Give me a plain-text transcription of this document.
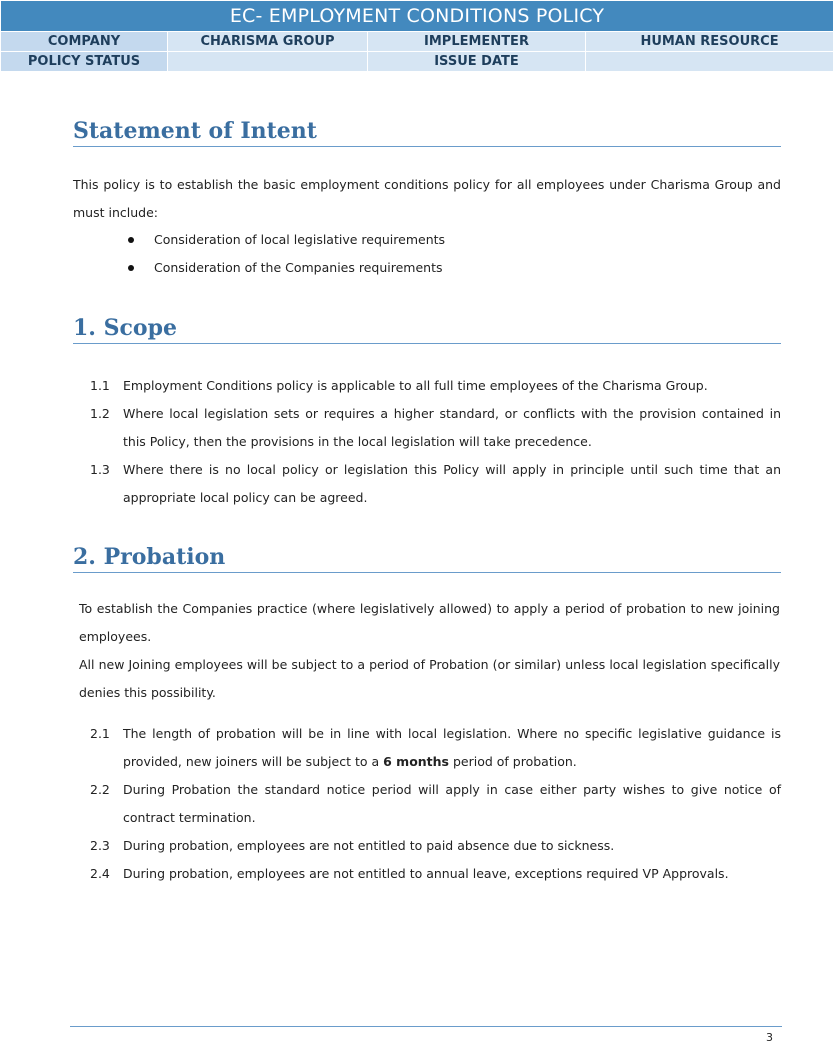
EC- EMPLOYMENT CONDITIONS POLICY			
COMPANY	CHARISMA GROUP	IMPLEMENTER	HUMAN RESOURCE
POLICY STATUS		ISSUE DATE	
Statement of Intent
This policy is to establish the basic employment conditions policy for all employees under Charisma Group and must include:
Consideration of local legislative requirements
Consideration of the Companies requirements
1. Scope
1.1 Employment Conditions policy is applicable to all full time employees of the Charisma Group.
1.2 Where local legislation sets or requires a higher standard, or conflicts with the provision contained in this Policy, then the provisions in the local legislation will take precedence.
1.3 Where there is no local policy or legislation this Policy will apply in principle until such time that an appropriate local policy can be agreed.
2. Probation
To establish the Companies practice (where legislatively allowed) to apply a period of probation to new joining employees.
All new Joining employees will be subject to a period of Probation (or similar) unless local legislation specifically denies this possibility.
2.1 The length of probation will be in line with local legislation. Where no specific legislative guidance is provided, new joiners will be subject to a 6 months period of probation.
2.2 During Probation the standard notice period will apply in case either party wishes to give notice of contract termination.
2.3 During probation, employees are not entitled to paid absence due to sickness.
2.4 During probation, employees are not entitled to annual leave, exceptions required VP Approvals.
3
